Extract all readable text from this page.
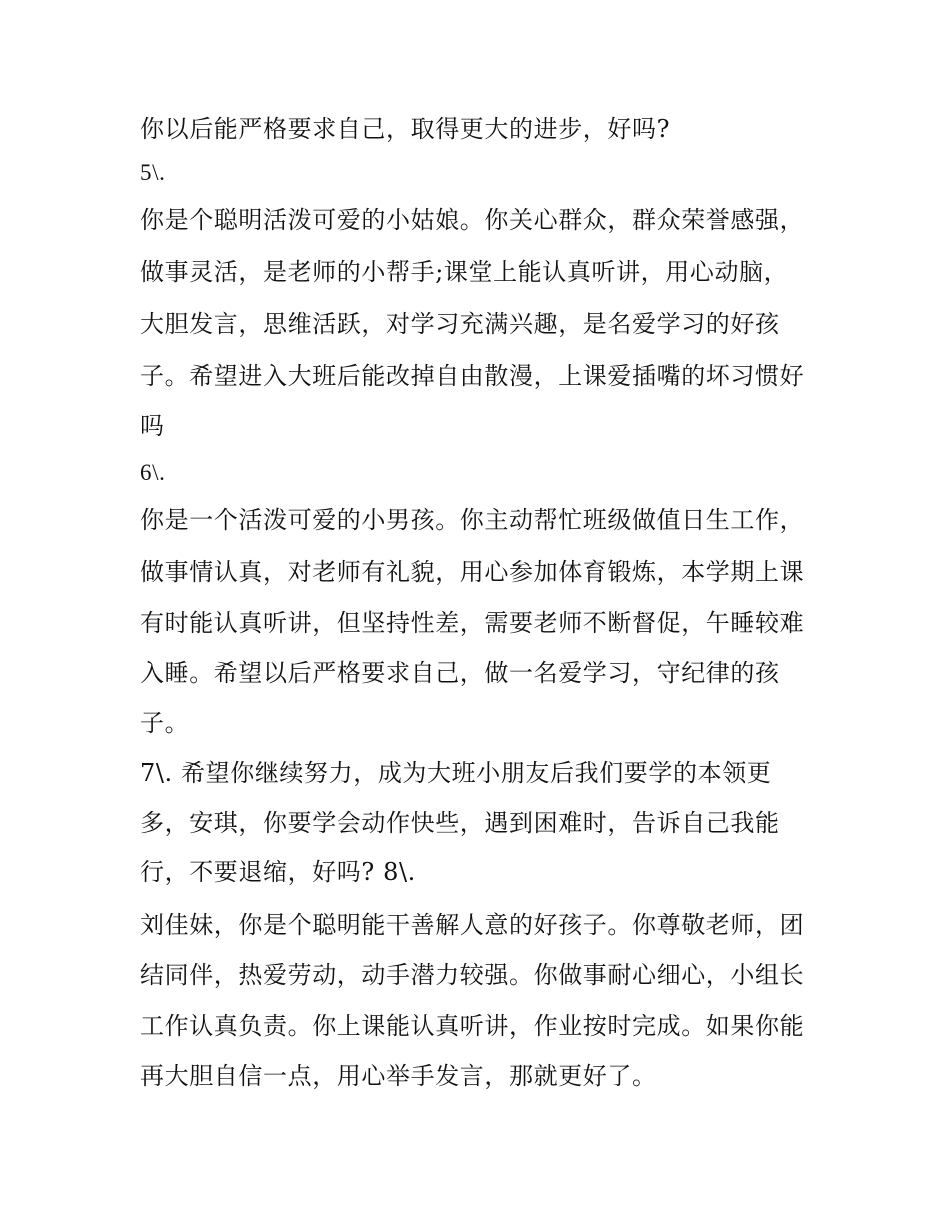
你以后能严格要求自己，取得更大的进步，好吗?
5\.
你是个聪明活泼可爱的小姑娘。你关心群众，群众荣誉感强，
做事灵活，是老师的小帮手;课堂上能认真听讲，用心动脑，
大胆发言，思维活跃，对学习充满兴趣，是名爱学习的好孩
子。希望进入大班后能改掉自由散漫，上课爱插嘴的坏习惯好
吗
6\.
你是一个活泼可爱的小男孩。你主动帮忙班级做值日生工作，
做事情认真，对老师有礼貌，用心参加体育锻炼，本学期上课
有时能认真听讲，但坚持性差，需要老师不断督促，午睡较难
入睡。希望以后严格要求自己，做一名爱学习，守纪律的孩
子。
7\. 希望你继续努力，成为大班小朋友后我们要学的本领更
多，安琪，你要学会动作快些，遇到困难时，告诉自己我能
行，不要退缩，好吗? 8\.
刘佳妹，你是个聪明能干善解人意的好孩子。你尊敬老师，团
结同伴，热爱劳动，动手潜力较强。你做事耐心细心，小组长
工作认真负责。你上课能认真听讲，作业按时完成。如果你能
再大胆自信一点，用心举手发言，那就更好了。
